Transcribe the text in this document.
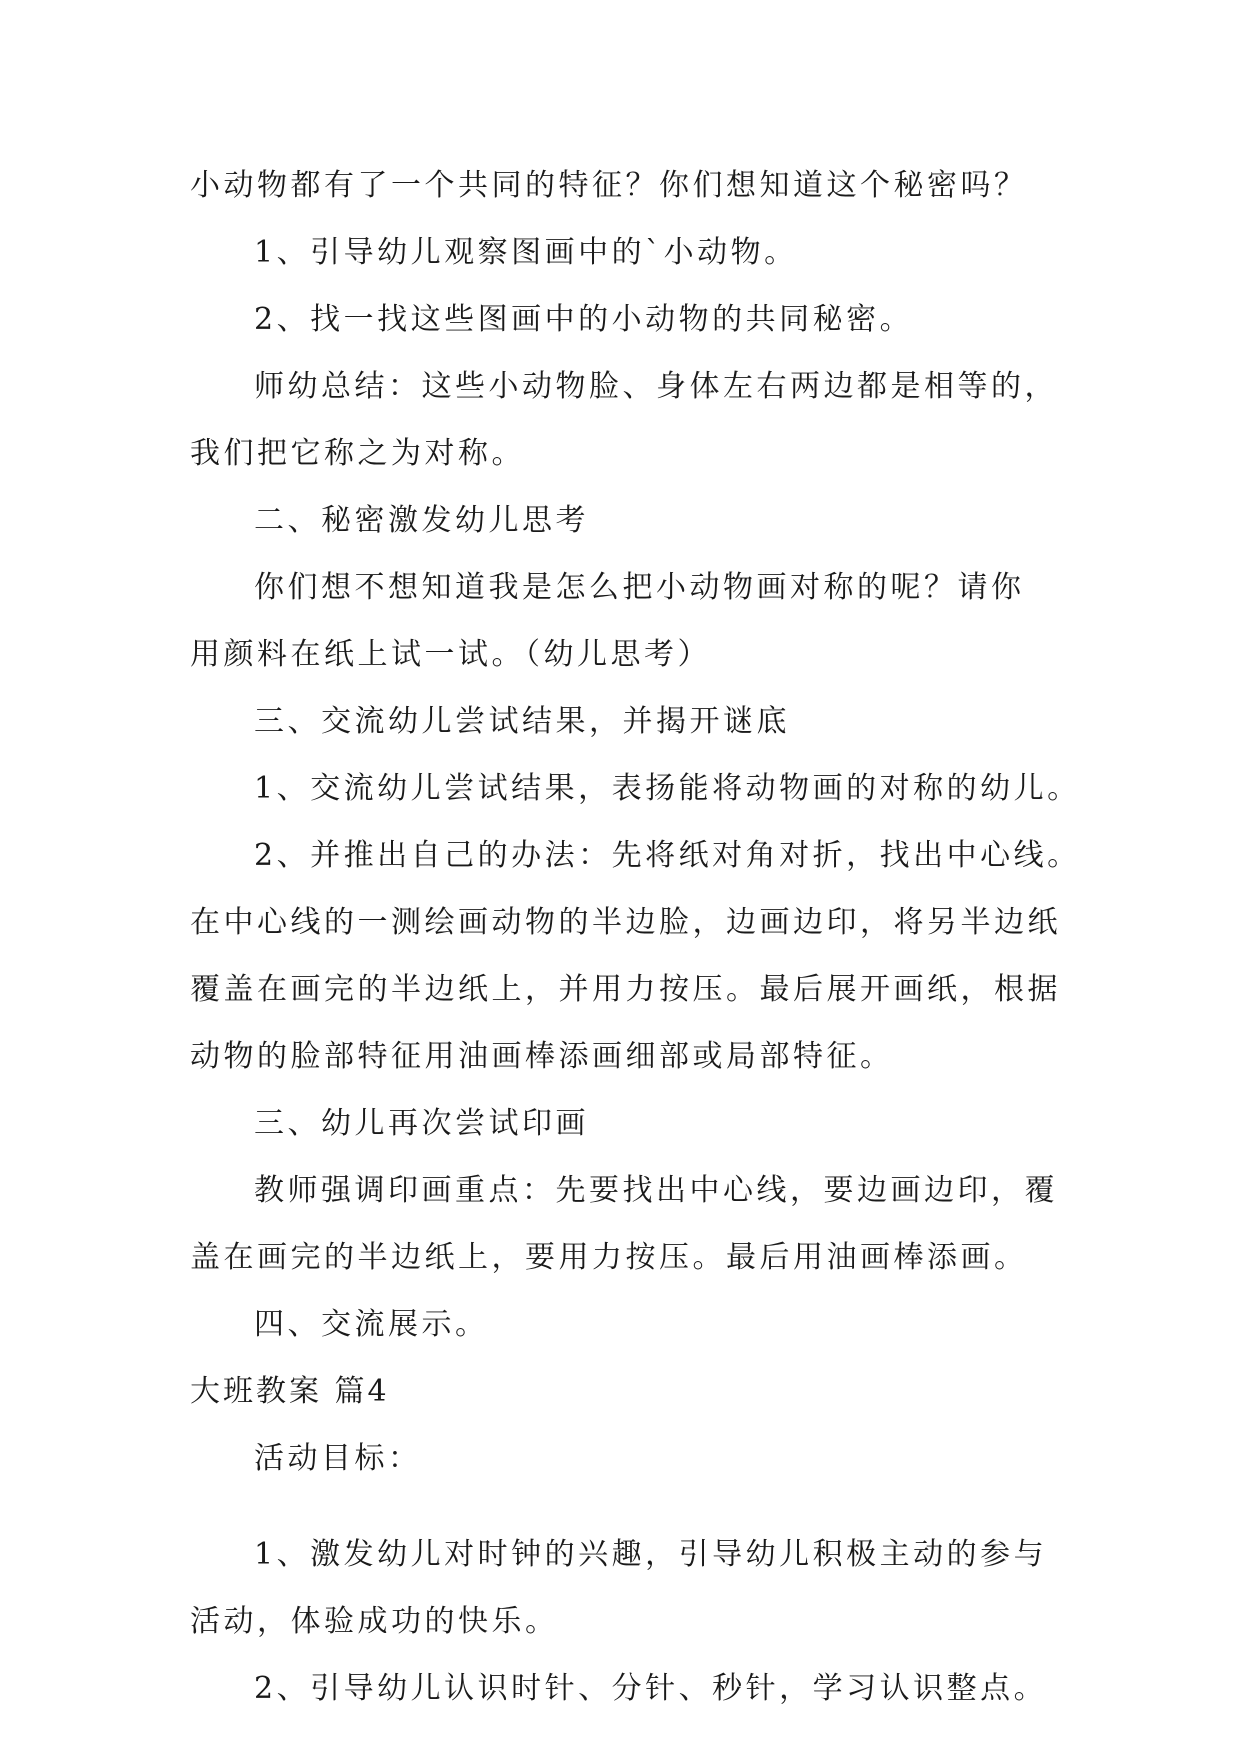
小动物都有了一个共同的特征？你们想知道这个秘密吗？
1、引导幼儿观察图画中的`小动物。
2、找一找这些图画中的小动物的共同秘密。
师幼总结：这些小动物脸、身体左右两边都是相等的，
我们把它称之为对称。
二、秘密激发幼儿思考
你们想不想知道我是怎么把小动物画对称的呢？请你
用颜料在纸上试一试。（幼儿思考）
三、交流幼儿尝试结果，并揭开谜底
1、交流幼儿尝试结果，表扬能将动物画的对称的幼儿。
2、并推出自己的办法：先将纸对角对折，找出中心线。
在中心线的一测绘画动物的半边脸，边画边印，将另半边纸
覆盖在画完的半边纸上，并用力按压。最后展开画纸，根据
动物的脸部特征用油画棒添画细部或局部特征。
三、幼儿再次尝试印画
教师强调印画重点：先要找出中心线，要边画边印，覆
盖在画完的半边纸上，要用力按压。最后用油画棒添画。
四、交流展示。
大班教案 篇4
活动目标：
1、激发幼儿对时钟的兴趣，引导幼儿积极主动的参与
活动，体验成功的快乐。
2、引导幼儿认识时针、分针、秒针，学习认识整点。
